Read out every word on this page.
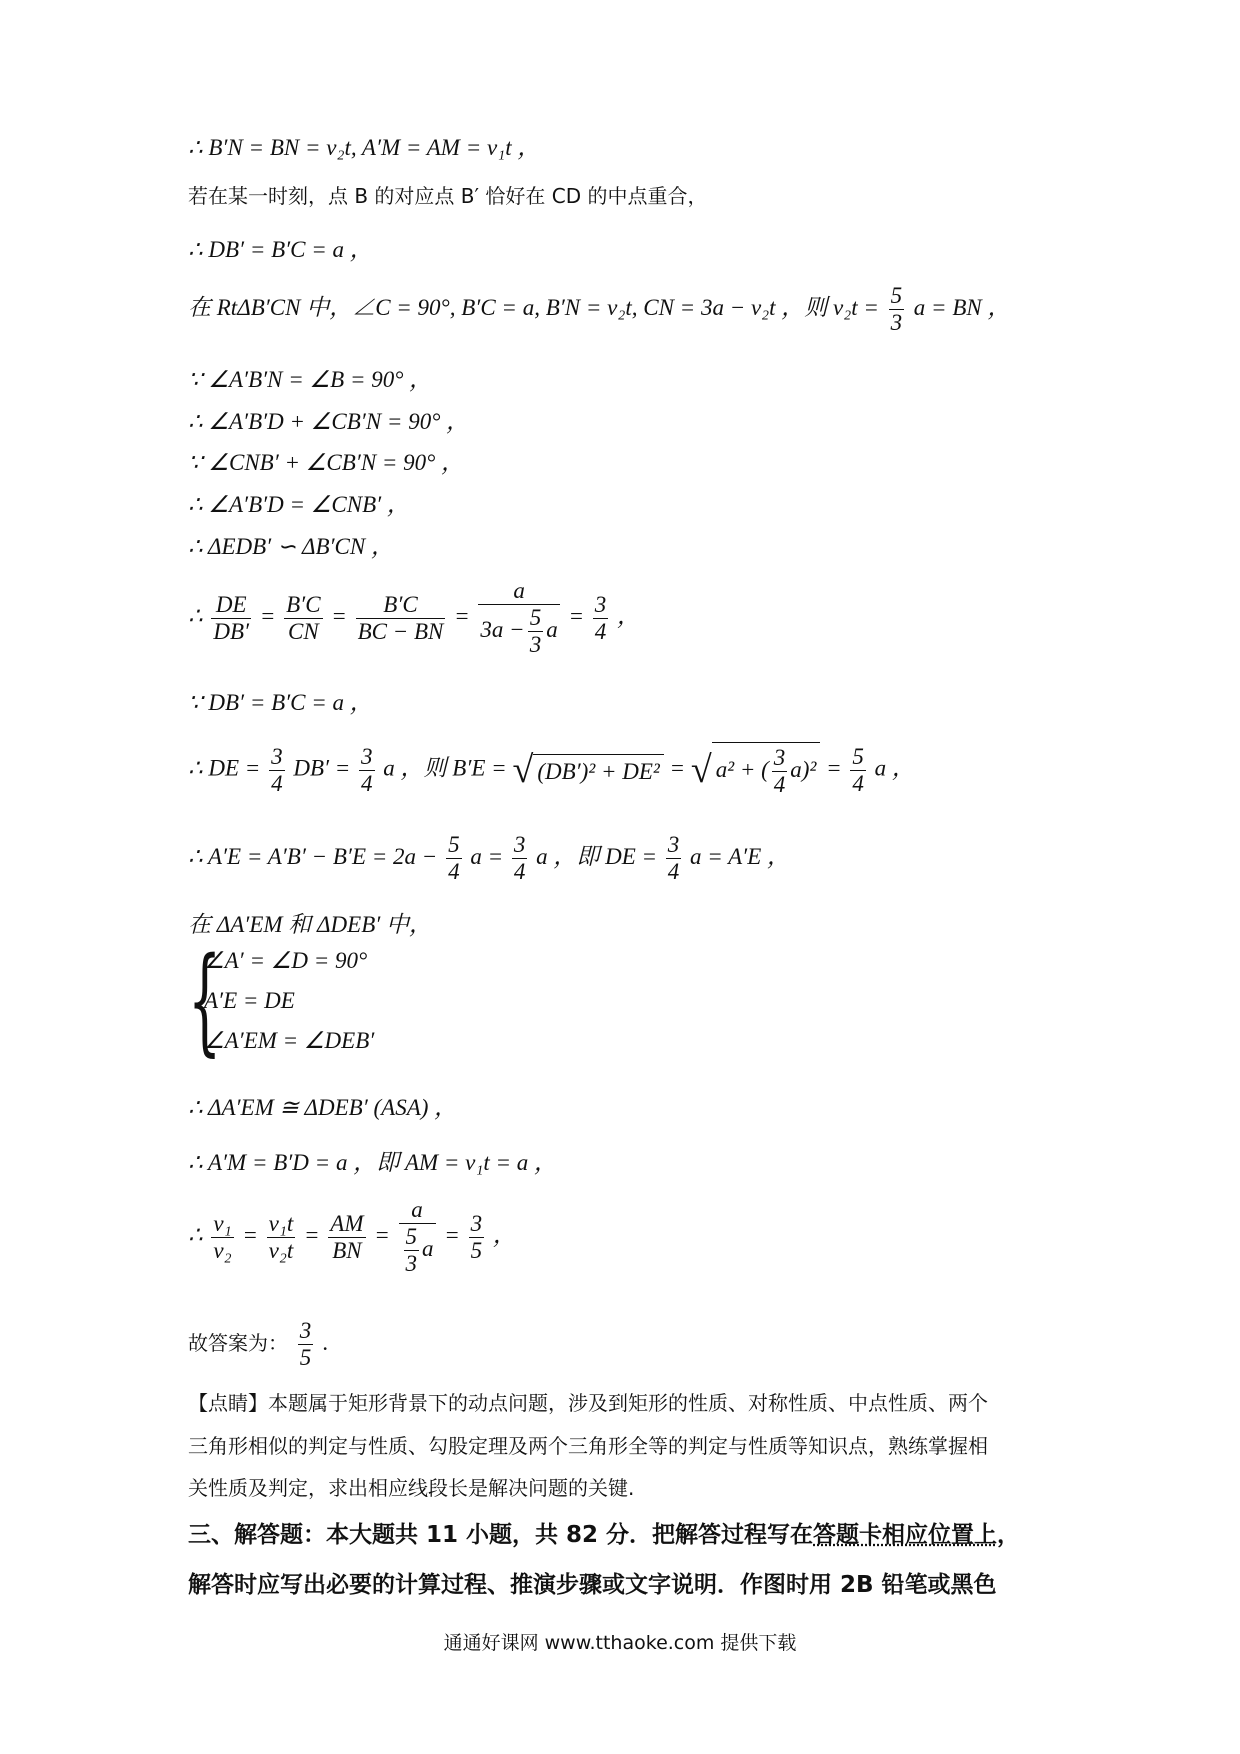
∴ B′N = BN = v₂t, A′M = AM = v₁t ，
若在某一时刻，点 B 的对应点 B′ 恰好在 CD 的中点重合，
∴ DB′ = B′C = a ，
在 RtΔB′CN 中，∠C = 90°, B′C = a, B′N = v₂t, CN = 3a − v₂t ，则 $v_2t = \frac{5}{3}$ a = BN ，
∵ ∠A′B′N = ∠B = 90° ，
∴ ∠A′B′D + ∠CB′N = 90° ，
∵ ∠CNB′ + ∠CB′N = 90° ，
∴ ∠A′B′D = ∠CNB′ ，
∴ ΔEDB′ ∽ ΔB′CN ，
∴ $\frac{DE}{DB'} = \frac{B'C}{CN} = \frac{B'C}{BC - BN} = \frac{a}{3a - \frac{5}{3} a} = \frac{3}{4}$ ，
∵ DB′ = B′C = a ，
∴ DE = $\frac{3}{4} DB' = \frac{3}{4}$ a ，则 B′E = √ (DB′)² + DE² = √ a² + ( $\frac{3}{4} a)^2 = \frac{5}{4}$ a ，
∴ $A'E = A'B' - B'E = 2a - \frac{5}{4}$ $a = \frac{3}{4}$ a ，即 DE = $\frac{3}{4}$ a = A′E ，
在 ΔA′EM 和 ΔDEB′ 中，
{
∠A′ = ∠D = 90°
A′E = DE
∠A′EM = ∠DEB′
∴ ΔA′EM ≅ ΔDEB′ (ASA) ，
∴ A′M = B′D = a ，即 AM = v₁t = a ，
∴ $\frac{\text{v₁}}{\text{v₂}} = \frac{\text{v₁t}}{\text{v₂t}} = \frac{AM}{BN} = \frac{a}{\frac{5}{3} a} = \frac{3}{5}$ ，
故答案为： $\frac{3}{5}$ .
【点睛】本题属于矩形背景下的动点问题，涉及到矩形的性质、对称性质、中点性质、两个
三角形相似的判定与性质、勾股定理及两个三角形全等的判定与性质等知识点，熟练掌握相
关性质及判定，求出相应线段长是解决问题的关键.
三、解答题：本大题共 11 小题，共 82 分．把解答过程写在答题卡相应位置上，
解答时应写出必要的计算过程、推演步骤或文字说明．作图时用 2B 铅笔或黑色
通通好课网 www.tthaoke.com 提供下载
